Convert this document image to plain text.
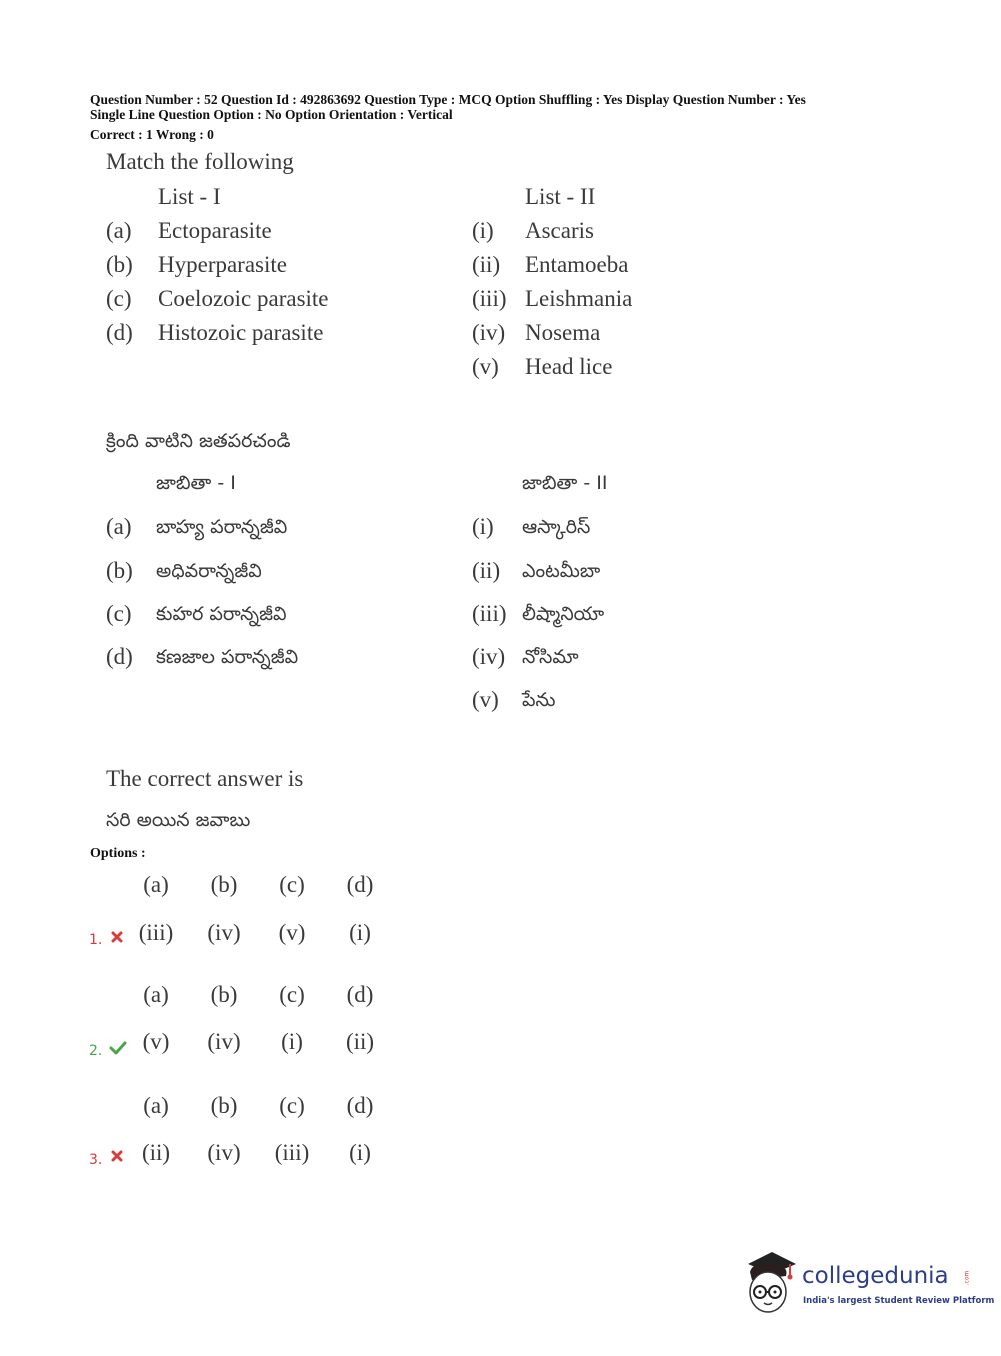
Question Number : 52 Question Id : 492863692 Question Type : MCQ Option Shuffling : Yes Display Question Number : Yes
Single Line Question Option : No Option Orientation : Vertical
Correct : 1 Wrong : 0
Match the following
List - I	List - II
(a) Ectoparasite
(b) Hyperparasite
(c) Coelozoic parasite
(d) Histozoic parasite
(i) Ascaris
(ii) Entamoeba
(iii) Leishmania
(iv) Nosema
(v) Head lice
క్రింది వాటిని జతపరచండి
జాబితా - I	జాబితా - II
(a) బాహ్య పరాన్నజీవి
(b) అధివరాన్నజీవి
(c) కుహర పరాన్నజీవి
(d) కణజాల పరాన్నజీవి
(i) ఆస్కారిస్
(ii) ఎంటమీబా
(iii) లీష్మానియా
(iv) నోసిమా
(v) పేను
The correct answer is
సరి అయిన జవాబు
Options :
(a)	(b)	(c)	(d)
1.	(iii)	(iv)	(v)	(i)
(a)	(b)	(c)	(d)
2.	(v)	(iv)	(i)	(ii)
(a)	(b)	(c)	(d)
3.	(ii)	(iv)	(iii)	(i)
collegedunia
India's largest Student Review Platform
.com
